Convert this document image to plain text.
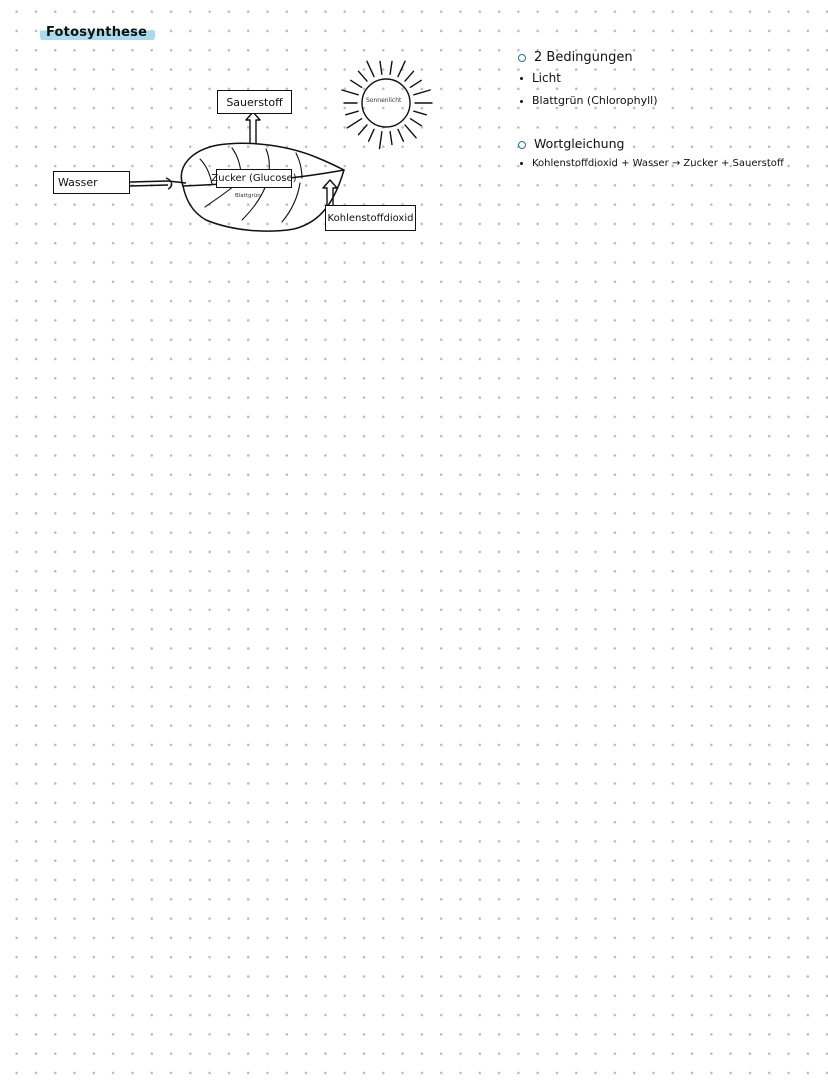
Fotosynthese
Sauerstoff
Wasser	Zucker (Glucose)
Kohlenstoffdioxid
Sonnenlicht
Blattgrün
2 Bedingungen
Licht
Blattgrün (Chlorophyll)
Wortgleichung
Kohlenstoffdioxid + Wasser → Zucker + Sauerstoff
